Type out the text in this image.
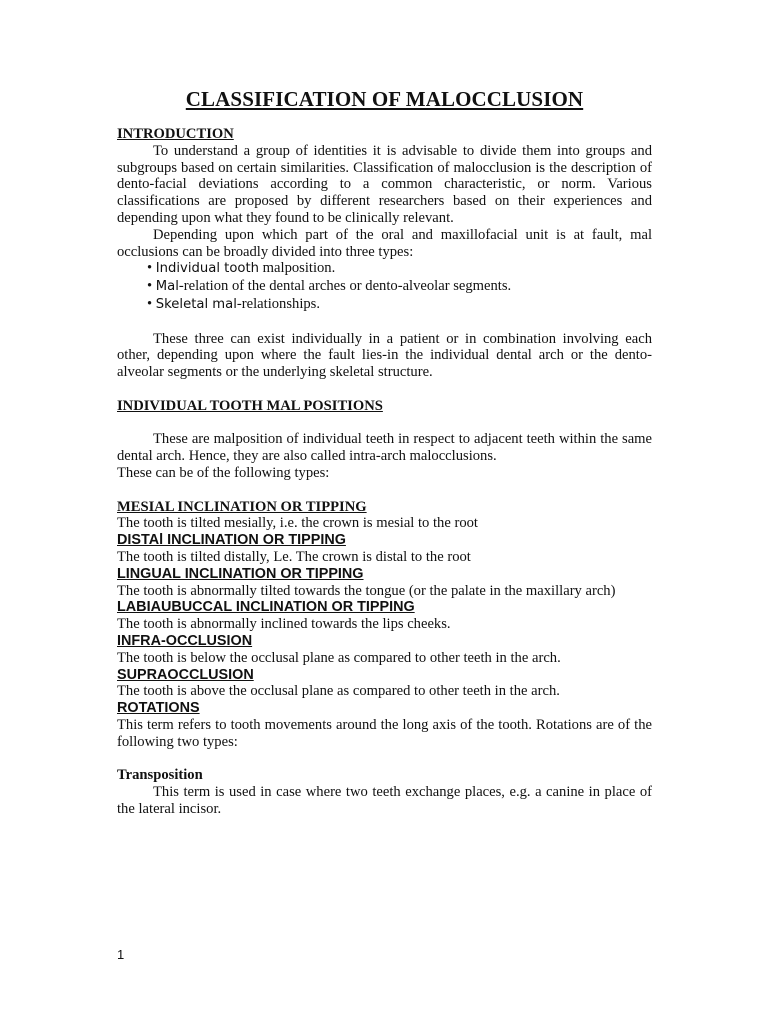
CLASSIFICATION OF MALOCCLUSION
INTRODUCTION

To understand a group of identities it is advisable to divide them into groups and subgroups based on certain similarities. Classification of malocclusion is the description of dento-facial deviations according to a common characteristic, or norm. Various classifications are proposed by different researchers based on their experiences and depending upon what they found to be clinically relevant.

Depending upon which part of the oral and maxillofacial unit is at fault, mal occlusions can be broadly divided into three types:

• Individual tooth malposition.
• Mal-relation of the dental arches or dento-alveolar segments.
• Skeletal mal-relationships.

These three can exist individually in a patient or in combination involving each other, depending upon where the fault lies-in the individual dental arch or the dento-alveolar segments or the underlying skeletal structure.

INDIVIDUAL TOOTH MAL POSITIONS

These are malposition of individual teeth in respect to adjacent teeth within the same dental arch. Hence, they are also called intra-arch malocclusions.

These can be of the following types:

MESIAL INCLINATION OR TIPPING

The tooth is tilted mesially, i.e. the crown is mesial to the root

DISTAl INCLINATION OR TIPPING

The tooth is tilted distally, Le. The crown is distal to the root

LINGUAL INCLINATION OR TIPPING

The tooth is abnormally tilted towards the tongue (or the palate in the maxillary arch)

LABIAUBUCCAL INCLINATION OR TIPPING

The tooth is abnormally inclined towards the lips cheeks.

INFRA-OCCLUSION

The tooth is below the occlusal plane as compared to other teeth in the arch.

SUPRAOCCLUSION

The tooth is above the occlusal plane as compared to other teeth in the arch.

ROTATIONS

This term refers to tooth movements around the long axis of the tooth. Rotations are of the following two types:

Transposition

This term is used in case where two teeth exchange places, e.g. a canine in place of the lateral incisor.

1
